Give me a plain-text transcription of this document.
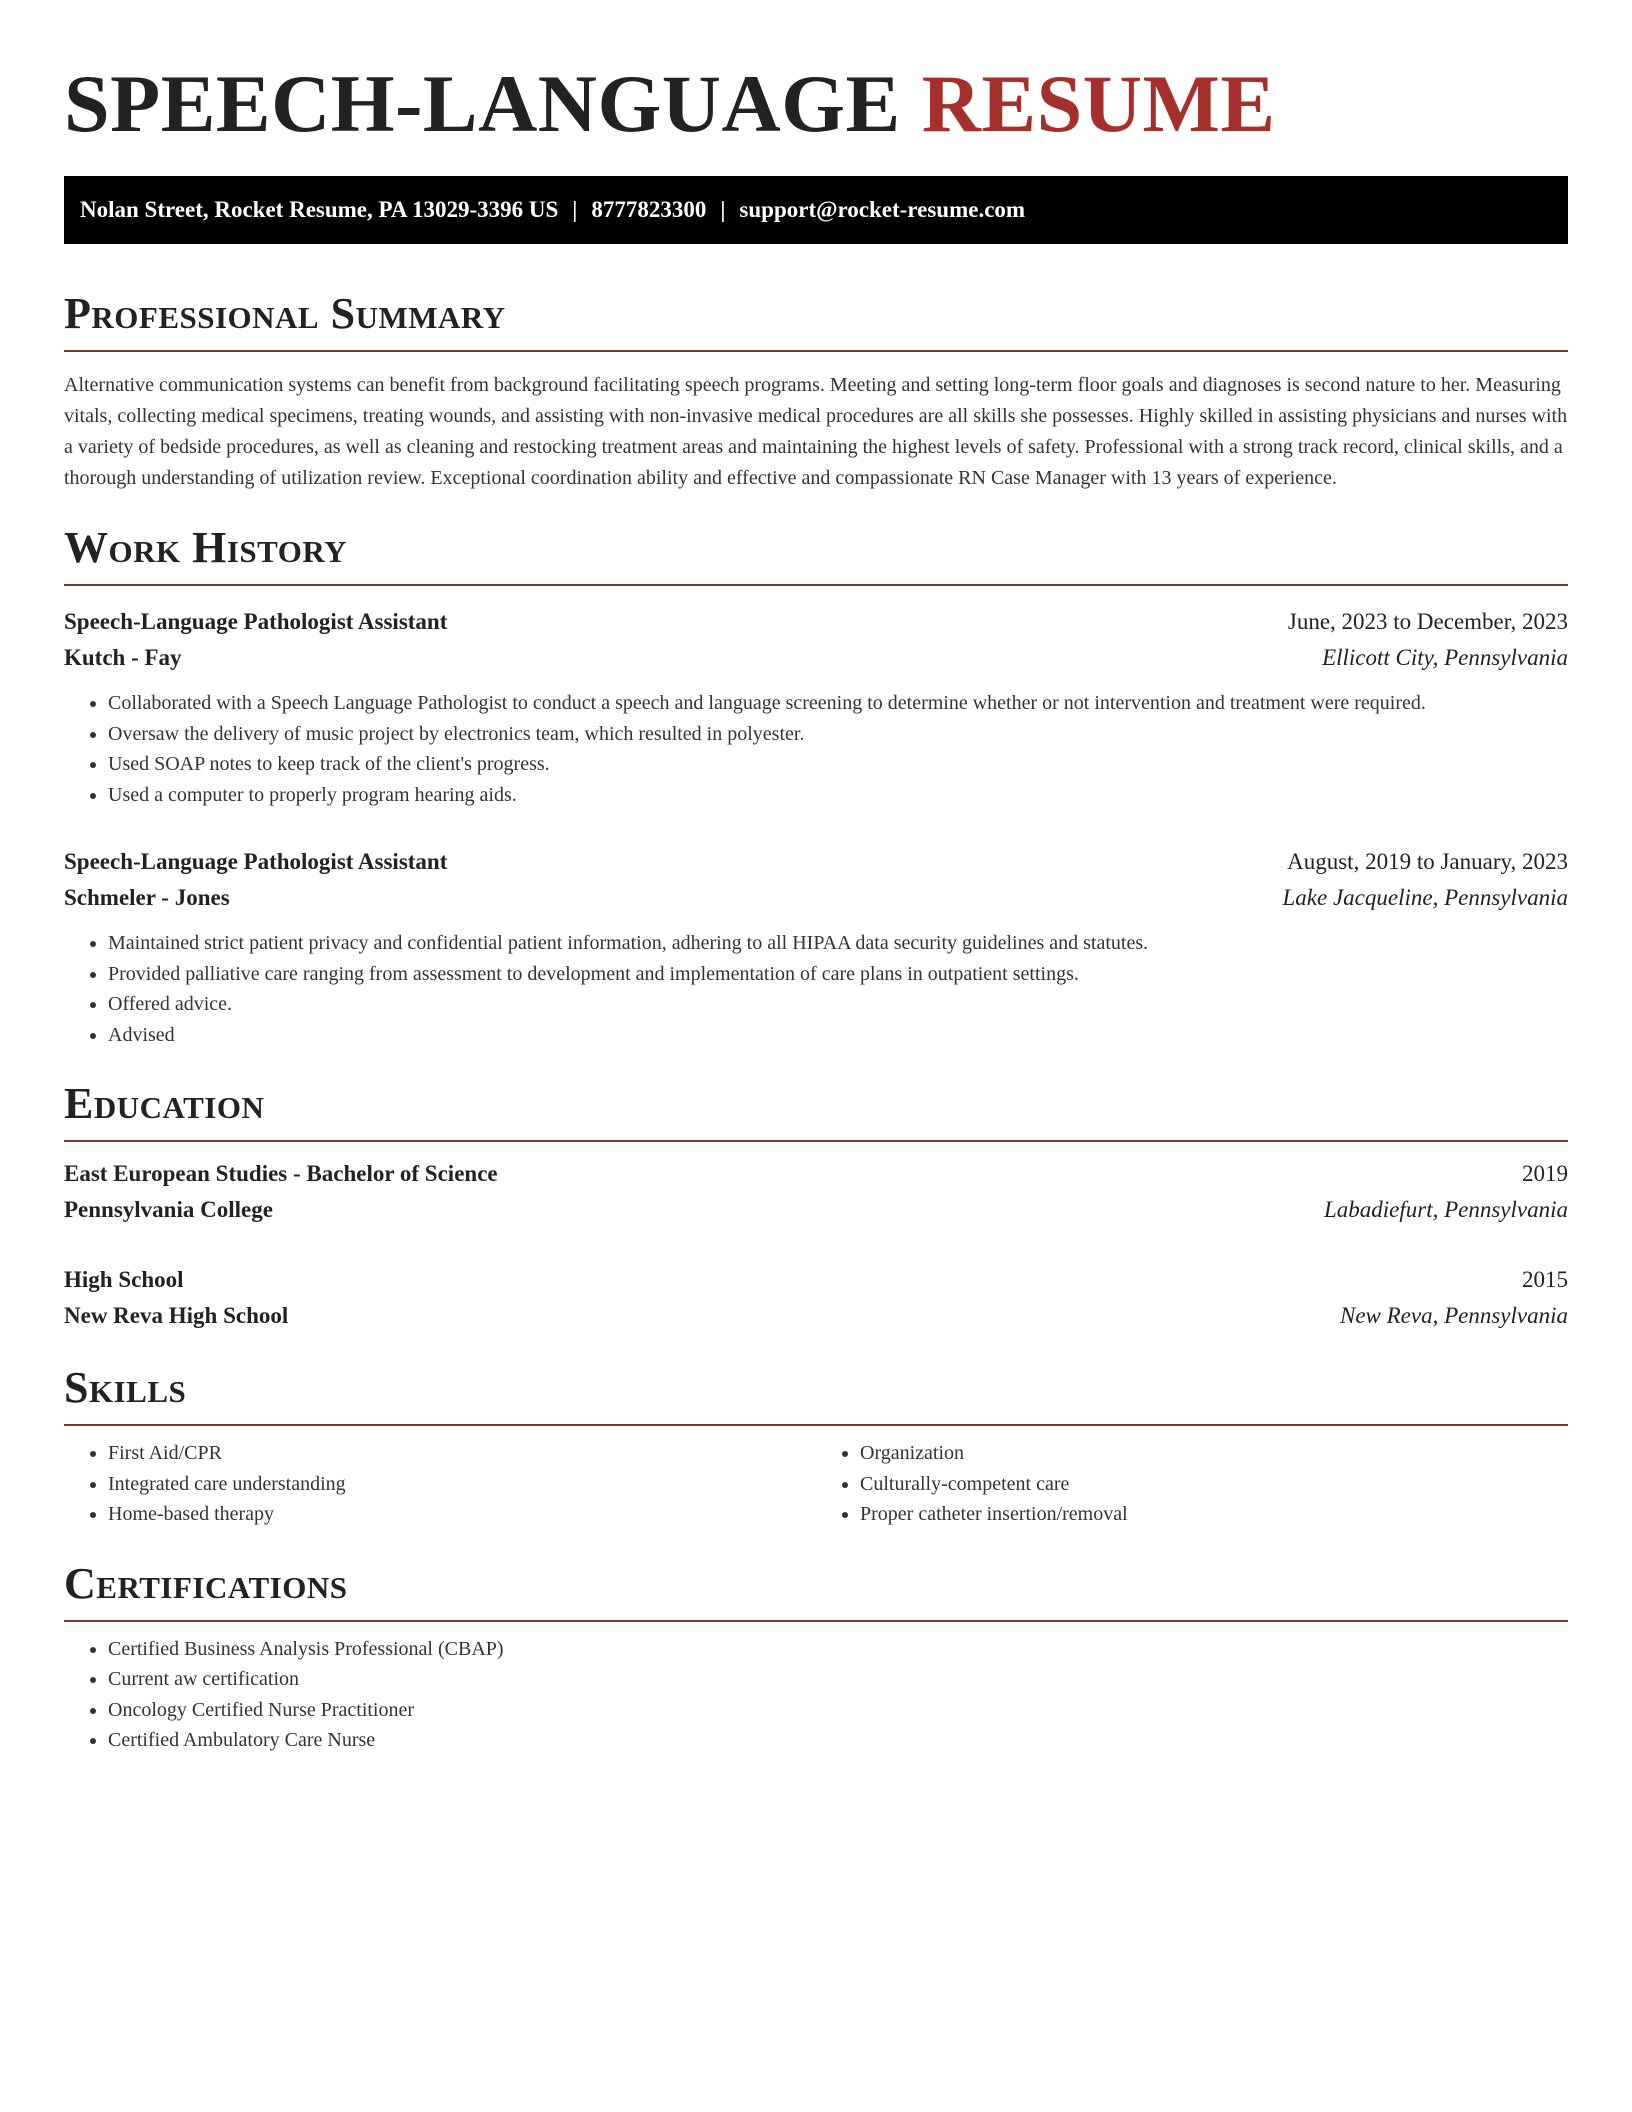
SPEECH-LANGUAGE RESUME
Nolan Street, Rocket Resume, PA 13029-3396 US | 8777823300 | support@rocket-resume.com
Professional Summary

Alternative communication systems can benefit from background facilitating speech programs. Meeting and setting long-term floor goals and diagnoses is second nature to her. Measuring vitals, collecting medical specimens, treating wounds, and assisting with non-invasive medical procedures are all skills she possesses. Highly skilled in assisting physicians and nurses with a variety of bedside procedures, as well as cleaning and restocking treatment areas and maintaining the highest levels of safety. Professional with a strong track record, clinical skills, and a thorough understanding of utilization review. Exceptional coordination ability and effective and compassionate RN Case Manager with 13 years of experience.

Work History
Speech-Language Pathologist Assistant	June, 2023 to December, 2023
Kutch - Fay	Ellicott City, Pennsylvania
• Collaborated with a Speech Language Pathologist to conduct a speech and language screening to determine whether or not intervention and treatment were required.
• Oversaw the delivery of music project by electronics team, which resulted in polyester.
• Used SOAP notes to keep track of the client's progress.
• Used a computer to properly program hearing aids.
Speech-Language Pathologist Assistant	August, 2019 to January, 2023
Schmeler - Jones	Lake Jacqueline, Pennsylvania
• Maintained strict patient privacy and confidential patient information, adhering to all HIPAA data security guidelines and statutes.
• Provided palliative care ranging from assessment to development and implementation of care plans in outpatient settings.
• Offered advice.
• Advised
Education
East European Studies - Bachelor of Science	2019
Pennsylvania College	Labadiefurt, Pennsylvania
High School	2015
New Reva High School	New Reva, Pennsylvania
Skills
• First Aid/CPR
• Integrated care understanding
• Home-based therapy
• Organization
• Culturally-competent care
• Proper catheter insertion/removal
Certifications
• Certified Business Analysis Professional (CBAP)
• Current aw certification
• Oncology Certified Nurse Practitioner
• Certified Ambulatory Care Nurse
